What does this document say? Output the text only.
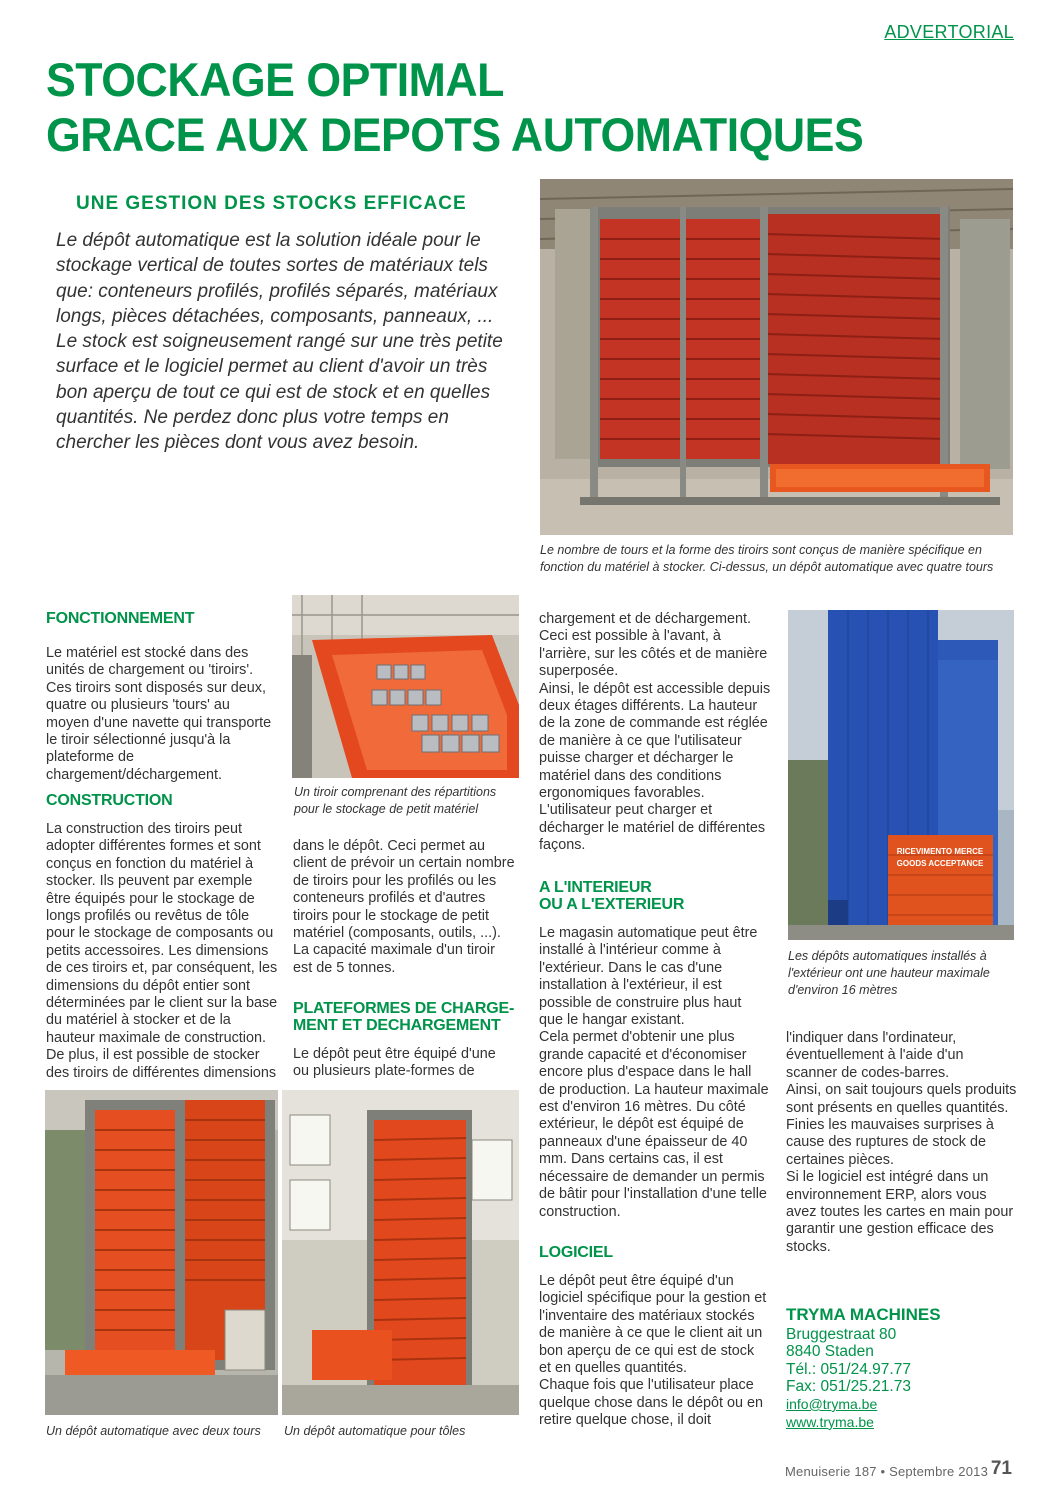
ADVERTORIAL
STOCKAGE OPTIMAL
GRACE AUX DEPOTS AUTOMATIQUES
UNE GESTION DES STOCKS EFFICACE
Le dépôt automatique est la solution idéale pour le stockage vertical de toutes sortes de matériaux tels que: conteneurs profilés, profilés séparés, matériaux longs, pièces détachées, composants, panneaux, ... Le stock est soigneusement rangé sur une très petite surface et le logiciel permet au client d'avoir un très bon aperçu de tout ce qui est de stock et en quelles quantités. Ne perdez donc plus votre temps en chercher les pièces dont vous avez besoin.
Le nombre de tours et la forme des tiroirs sont conçus de manière spécifique en fonction du matériel à stocker. Ci-dessus, un dépôt automatique avec quatre tours
FONCTIONNEMENT
Le matériel est stocké dans des unités de chargement ou 'tiroirs'. Ces tiroirs sont disposés sur deux, quatre ou plusieurs 'tours' au moyen d'une navette qui transporte le tiroir sélectionné jusqu'à la plateforme de chargement/déchargement.
CONSTRUCTION
La construction des tiroirs peut adopter différentes formes et sont conçus en fonction du matériel à stocker. Ils peuvent par exemple être équipés pour le stockage de longs profilés ou revêtus de tôle pour le stockage de composants ou petits accessoires. Les dimensions de ces tiroirs et, par conséquent, les dimensions du dépôt entier sont déterminées par le client sur la base du matériel à stocker et de la hauteur maximale de construction. De plus, il est possible de stocker des tiroirs de différentes dimensions
Un tiroir comprenant des répartitions pour le stockage de petit matériel
dans le dépôt. Ceci permet au client de prévoir un certain nombre de tiroirs pour les profilés ou les conteneurs profilés et d'autres tiroirs pour le stockage de petit matériel (composants, outils, ...). La capacité maximale d'un tiroir est de 5 tonnes.
PLATEFORMES DE CHARGE-
MENT ET DECHARGEMENT
Le dépôt peut être équipé d'une ou plusieurs plate-formes de

chargement et de déchargement. Ceci est possible à l'avant, à l'arrière, sur les côtés et de manière superposée.

Ainsi, le dépôt est accessible depuis deux étages différents. La hauteur de la zone de commande est réglée de manière à ce que l'utilisateur puisse charger et décharger le matériel dans des conditions ergonomiques favorables. L'utilisateur peut charger et décharger le matériel de différentes façons.

A L'INTERIEUR
OU A L'EXTERIEUR

Le magasin automatique peut être installé à l'intérieur comme à l'extérieur. Dans le cas d'une installation à l'extérieur, il est possible de construire plus haut que le hangar existant.

Cela permet d'obtenir une plus grande capacité et d'économiser encore plus d'espace dans le hall de production. La hauteur maximale est d'environ 16 mètres. Du côté extérieur, le dépôt est équipé de panneaux d'une épaisseur de 40 mm. Dans certains cas, il est nécessaire de demander un permis de bâtir pour l'installation d'une telle construction.

LOGICIEL

Le dépôt peut être équipé d'un logiciel spécifique pour la gestion et l'inventaire des matériaux stockés de manière à ce que le client ait un bon aperçu de ce qui est de stock et en quelles quantités.

Chaque fois que l'utilisateur place quelque chose dans le dépôt ou en retire quelque chose, il doit

RICEVIMENTO MERCE
GOODS ACCEPTANCE
Les dépôts automatiques installés à l'extérieur ont une hauteur maximale d'environ 16 mètres

l'indiquer dans l'ordinateur, éventuellement à l'aide d'un scanner de codes-barres.

Ainsi, on sait toujours quels produits sont présents en quelles quantités. Finies les mauvaises surprises à cause des ruptures de stock de certaines pièces.

Si le logiciel est intégré dans un environnement ERP, alors vous avez toutes les cartes en main pour garantir une gestion efficace des stocks.

TRYMA MACHINES
Bruggestraat 80
8840 Staden
Tél.: 051/24.97.77
Fax: 051/25.21.73
info@tryma.be
www.tryma.be
Un dépôt automatique avec deux tours	Un dépôt automatique pour tôles
Menuiserie 187 • Septembre 2013 71
